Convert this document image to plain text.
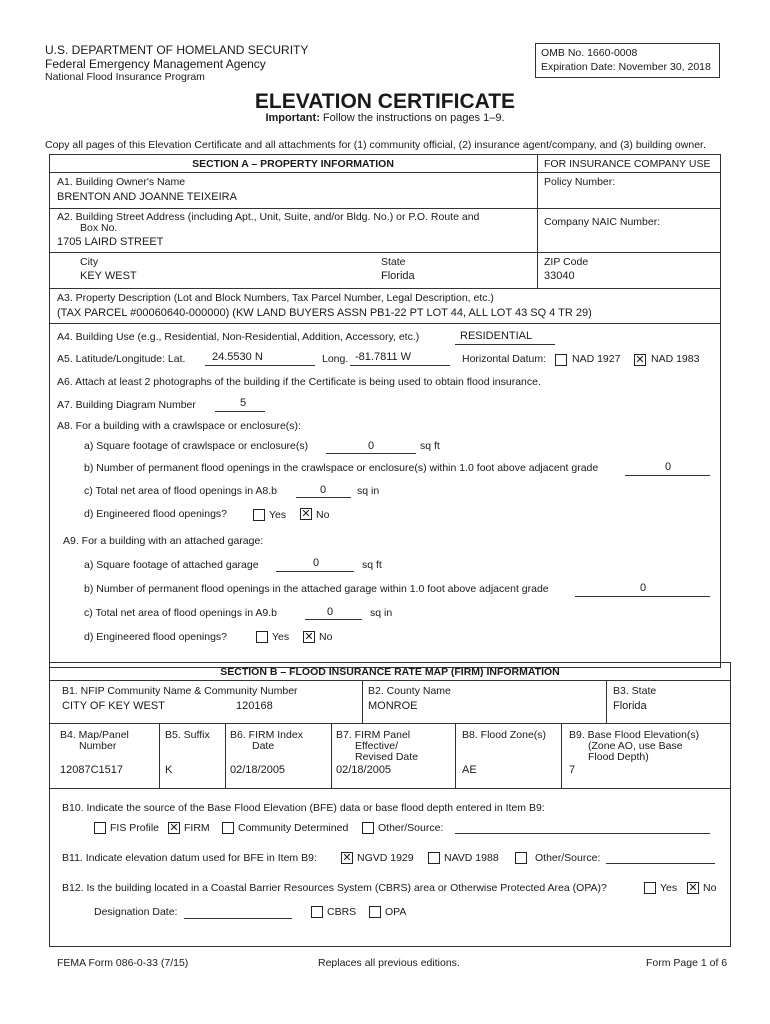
U.S. DEPARTMENT OF HOMELAND SECURITY
Federal Emergency Management Agency
National Flood Insurance Program
OMB No. 1660-0008
Expiration Date: November 30, 2018
ELEVATION CERTIFICATE
Important: Follow the instructions on pages 1–9.
Copy all pages of this Elevation Certificate and all attachments for (1) community official, (2) insurance agent/company, and (3) building owner.
SECTION A – PROPERTY INFORMATION	FOR INSURANCE COMPANY USE
A1. Building Owner's Name
BRENTON AND JOANNE TEIXEIRA
Policy Number:
A2. Building Street Address (including Apt., Unit, Suite, and/or Bldg. No.) or P.O. Route and
Box No.
1705 LAIRD STREET
Company NAIC Number:
City
KEY WEST
State
Florida
ZIP Code
33040
A3. Property Description (Lot and Block Numbers, Tax Parcel Number, Legal Description, etc.)
(TAX PARCEL #00060640-000000) (KW LAND BUYERS ASSN PB1-22 PT LOT 44, ALL LOT 43 SQ 4 TR 29)
A4. Building Use (e.g., Residential, Non-Residential, Addition, Accessory, etc.)	RESIDENTIAL
A5. Latitude/Longitude: Lat. 24.5530 N	Long. -81.7811 W	Horizontal Datum: NAD 1927 ✕ NAD 1983
A6. Attach at least 2 photographs of the building if the Certificate is being used to obtain flood insurance.
A7. Building Diagram Number	5
A8. For a building with a crawlspace or enclosure(s):
a) Square footage of crawlspace or enclosure(s)	0	sq ft
b) Number of permanent flood openings in the crawlspace or enclosure(s) within 1.0 foot above adjacent grade	0
c) Total net area of flood openings in A8.b	0	sq in
d) Engineered flood openings?	Yes ✕ No
A9. For a building with an attached garage:
a) Square footage of attached garage	0	sq ft
b) Number of permanent flood openings in the attached garage within 1.0 foot above adjacent grade	0
c) Total net area of flood openings in A9.b	0	sq in
d) Engineered flood openings?	Yes ✕ No
SECTION B – FLOOD INSURANCE RATE MAP (FIRM) INFORMATION
B1. NFIP Community Name & Community Number
CITY OF KEY WEST	120168
B2. County Name
MONROE
B3. State
Florida
B4. Map/Panel
Number
12087C1517
B5. Suffix
K
B6. FIRM Index
Date
02/18/2005
B7. FIRM Panel
Effective/
Revised Date
02/18/2005
B8. Flood Zone(s)
AE
B9. Base Flood Elevation(s)
(Zone AO, use Base
Flood Depth)
7
B10. Indicate the source of the Base Flood Elevation (BFE) data or base flood depth entered in Item B9:
FIS Profile ✕ FIRM	Community Determined	Other/Source:
B11. Indicate elevation datum used for BFE in Item B9: ✕ NGVD 1929	NAVD 1988	Other/Source:
B12. Is the building located in a Coastal Barrier Resources System (CBRS) area or Otherwise Protected Area (OPA)?	Yes ✕ No
Designation Date:	CBRS	OPA
FEMA Form 086-0-33 (7/15)	Replaces all previous editions.	Form Page 1 of 6
